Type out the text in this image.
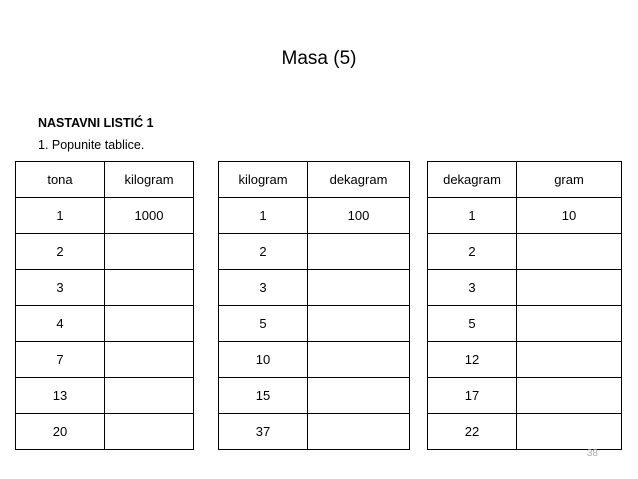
Masa (5)
NASTAVNI LISTIĆ 1
1. Popunite tablice.
tona	kilogram
1	1000
2	
3	
4	
7	
13	
20	
kilogram	dekagram
1	100
2	
3	
5	
10	
15	
37	
dekagram	gram
1	10
2	
3	
5	
12	
17	
22	
38
